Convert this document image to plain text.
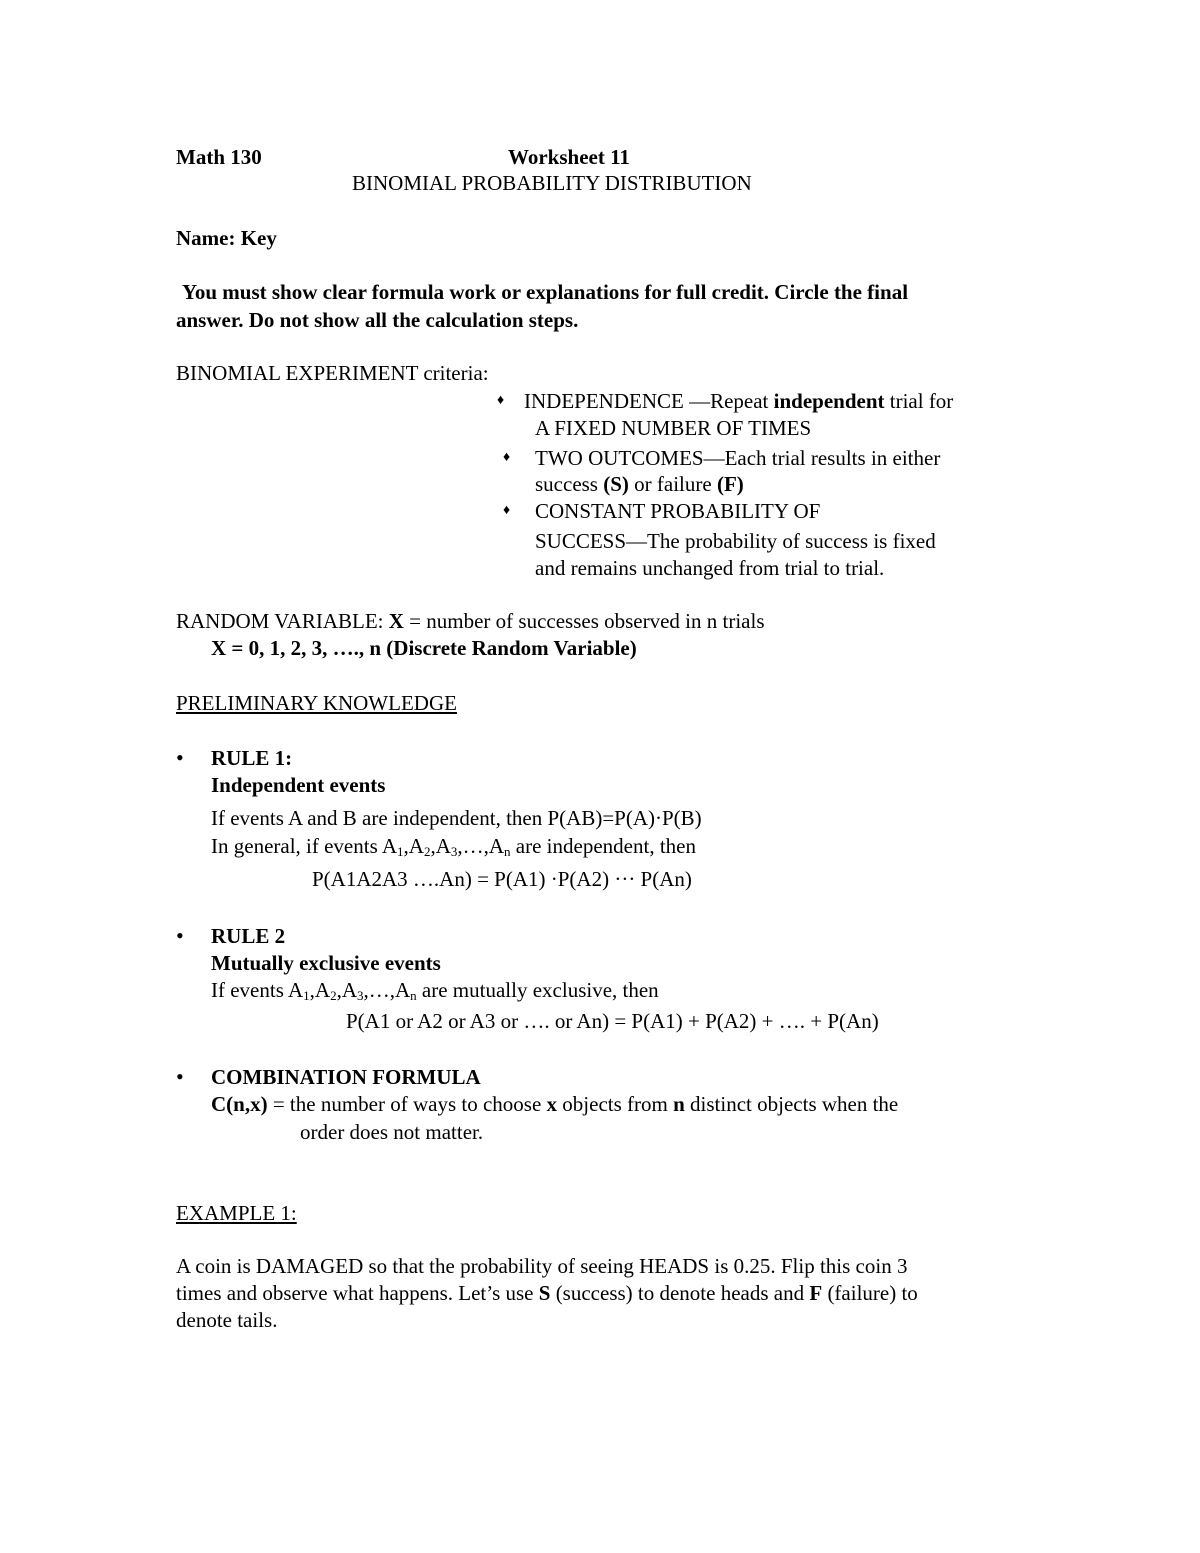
Math 130	Worksheet 11
BINOMIAL PROBABILITY DISTRIBUTION
Name: Key
You must show clear formula work or explanations for full credit. Circle the final
answer. Do not show all the calculation steps.
BINOMIAL EXPERIMENT criteria:
♦ INDEPENDENCE —Repeat independent trial for
A FIXED NUMBER OF TIMES
♦ TWO OUTCOMES—Each trial results in either
success (S) or failure (F)
♦ CONSTANT PROBABILITY OF
SUCCESS—The probability of success is fixed
and remains unchanged from trial to trial.
RANDOM VARIABLE: X = number of successes observed in n trials
X = 0, 1, 2, 3, …., n (Discrete Random Variable)
PRELIMINARY KNOWLEDGE
• RULE 1:
Independent events
If events A and B are independent, then P(AB)=P(A)·P(B)
In general, if events $A_1,A_2,A_3,\dots,A_n$ are independent, then
P(A1A2A3 ….An) = P(A1) ·P(A2) ··· P(An)
• RULE 2
Mutually exclusive events
If events $A_1,A_2,A_3,\dots,A_n$ are mutually exclusive, then
P(A1 or A2 or A3 or …. or An) = P(A1) + P(A2) + …. + P(An)
• COMBINATION FORMULA
C(n,x) = the number of ways to choose x objects from n distinct objects when the
order does not matter.
EXAMPLE 1:
A coin is DAMAGED so that the probability of seeing HEADS is 0.25. Flip this coin 3
times and observe what happens. Let’s use S (success) to denote heads and F (failure) to
denote tails.
